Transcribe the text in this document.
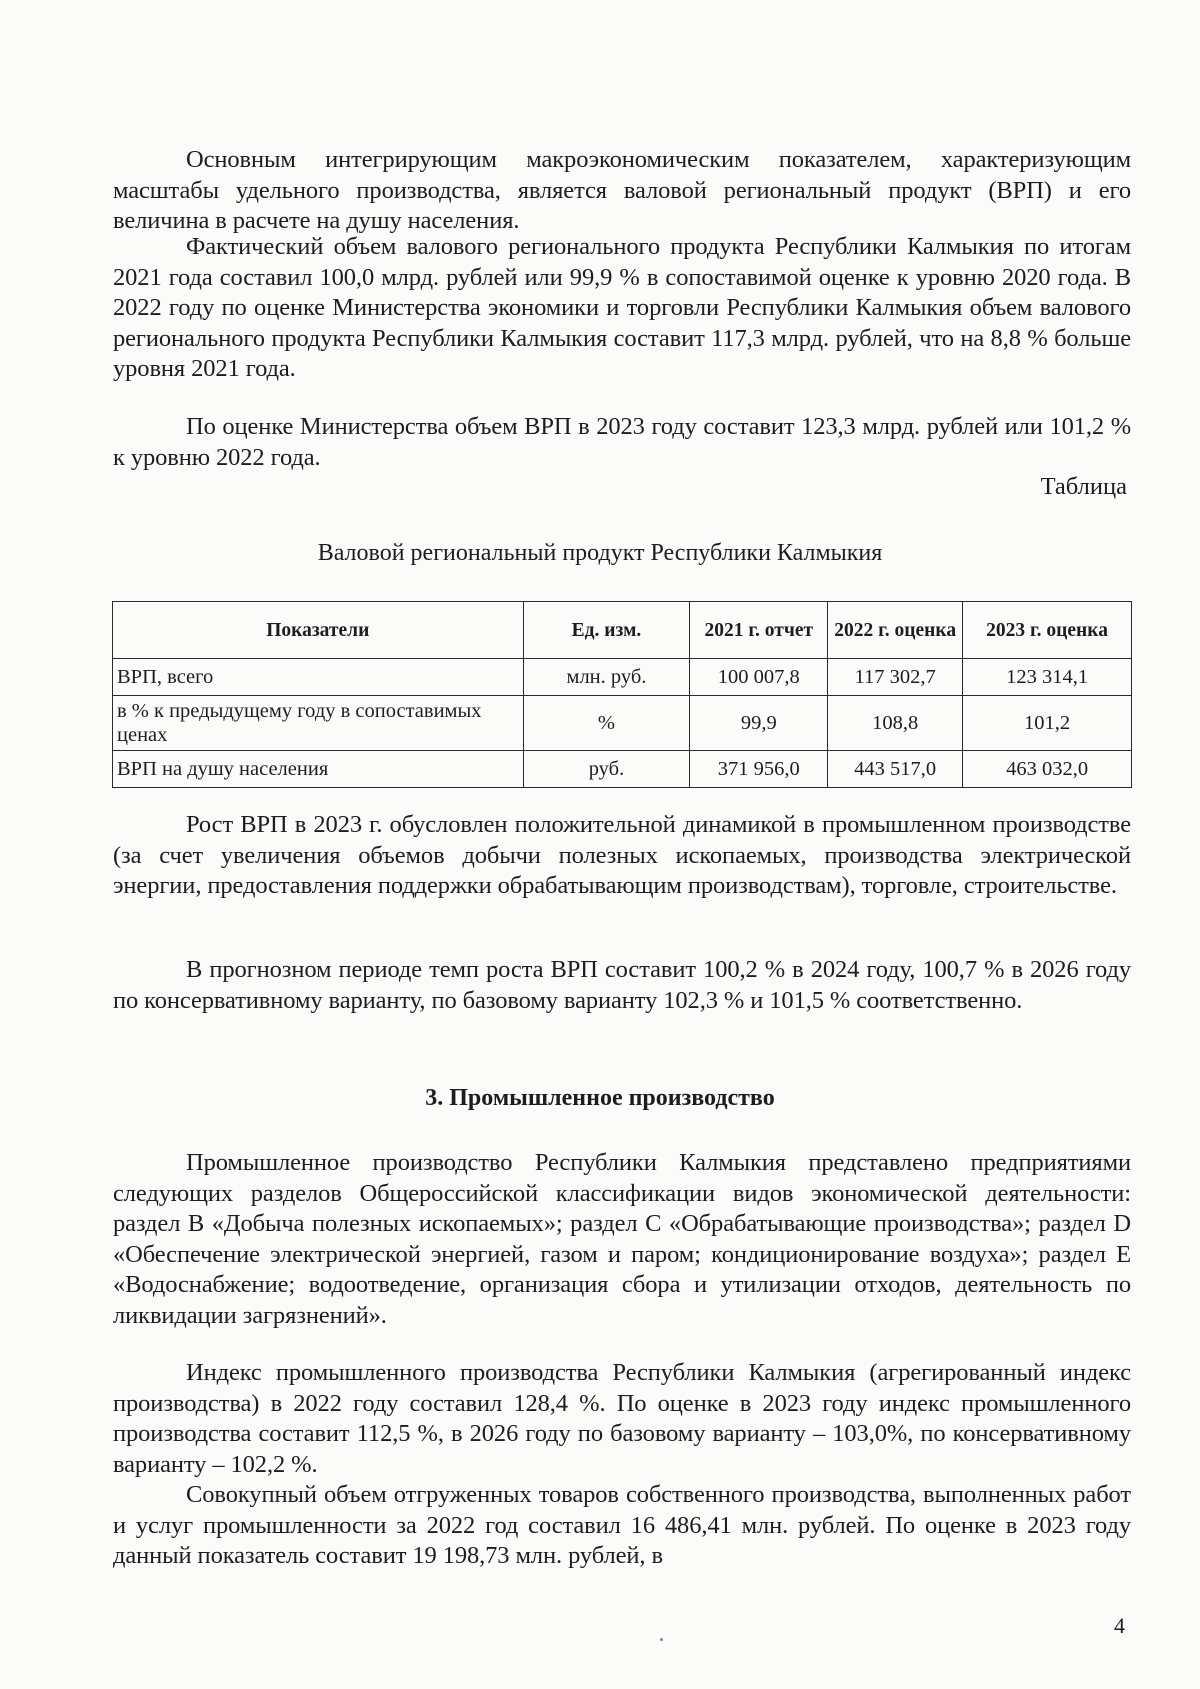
Основным интегрирующим макроэкономическим показателем, характеризующим масштабы удельного производства, является валовой региональный продукт (ВРП) и его величина в расчете на душу населения.

Фактический объем валового регионального продукта Республики Калмыкия по итогам 2021 года составил 100,0 млрд. рублей или 99,9 % в сопоставимой оценке к уровню 2020 года. В 2022 году по оценке Министерства экономики и торговли Республики Калмыкия объем валового регионального продукта Республики Калмыкия составит 117,3 млрд. рублей, что на 8,8 % больше уровня 2021 года.

По оценке Министерства объем ВРП в 2023 году составит 123,3 млрд. рублей или 101,2 % к уровню 2022 года.

Таблица
Валовой региональный продукт Республики Калмыкия
Показатели	Ед. изм.	2021 г. отчет	2022 г. оценка	2023 г. оценка
ВРП, всего	млн. руб.	100 007,8	117 302,7	123 314,1
в % к предыдущему году в сопоставимых ценах	%	99,9	108,8	101,2
ВРП на душу населения	руб.	371 956,0	443 517,0	463 032,0

Рост ВРП в 2023 г. обусловлен положительной динамикой в промышленном производстве (за счет увеличения объемов добычи полезных ископаемых, производства электрической энергии, предоставления поддержки обрабатывающим производствам), торговле, строительстве.

В прогнозном периоде темп роста ВРП составит 100,2 % в 2024 году, 100,7 % в 2026 году по консервативному варианту, по базовому варианту 102,3 % и 101,5 % соответственно.

3. Промышленное производство

Промышленное производство Республики Калмыкия представлено предприятиями следующих разделов Общероссийской классификации видов экономической деятельности: раздел B «Добыча полезных ископаемых»; раздел C «Обрабатывающие производства»; раздел D «Обеспечение электрической энергией, газом и паром; кондиционирование воздуха»; раздел E «Водоснабжение; водоотведение, организация сбора и утилизации отходов, деятельность по ликвидации загрязнений».

Индекс промышленного производства Республики Калмыкия (агрегированный индекс производства) в 2022 году составил 128,4 %. По оценке в 2023 году индекс промышленного производства составит 112,5 %, в 2026 году по базовому варианту – 103,0%, по консервативному варианту – 102,2 %.

Совокупный объем отгруженных товаров собственного производства, выполненных работ и услуг промышленности за 2022 год составил 16 486,41 млн. рублей. По оценке в 2023 году данный показатель составит 19 198,73 млн. рублей, в

4
